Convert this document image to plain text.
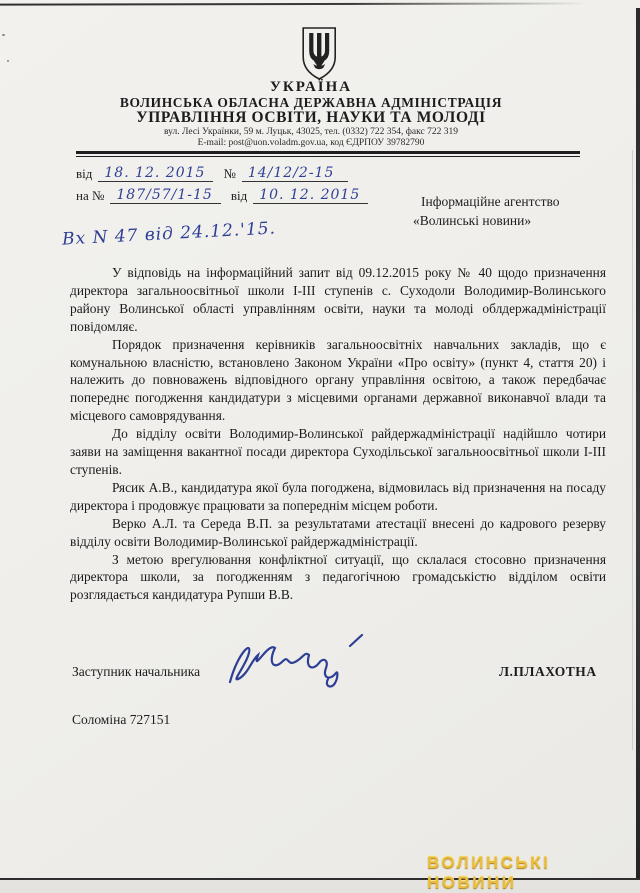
УКРАЇНА
ВОЛИНСЬКА ОБЛАСНА ДЕРЖАВНА АДМІНІСТРАЦІЯ
УПРАВЛІННЯ ОСВІТИ, НАУКИ ТА МОЛОДІ
вул. Лесі Українки, 59 м. Луцьк, 43025, тел. (0332) 722 354, факс 722 319
E-mail: post@uon.voladm.gov.ua, код ЄДРПОУ 39782790
від 18. 12. 2015	№ 14/12/2-15
на № 187/57/1-15	від 10. 12. 2015
Вх N 47 від 24.12.'15.
Інформаційне агентство
«Волинські новини»

У відповідь на інформаційний запит від 09.12.2015 року № 40 щодо призначення директора загальноосвітньої школи І-ІІІ ступенів с. Суходоли Володимир-Волинського району Волинської області управлінням освіти, науки та молоді облдержадміністрації повідомляє.

Порядок призначення керівників загальноосвітніх навчальних закладів, що є комунальною власністю, встановлено Законом України «Про освіту» (пункт 4, стаття 20) і належить до повноважень відповідного органу управління освітою, а також передбачає попереднє погодження кандидатури з місцевими органами державної виконавчої влади та місцевого самоврядування.

До відділу освіти Володимир-Волинської райдержадміністрації надійшло чотири заяви на заміщення вакантної посади директора Суходільської загальноосвітньої школи І-ІІІ ступенів.

Рясик А.В., кандидатура якої була погоджена, відмовилась від призначення на посаду директора і продовжує працювати за попереднім місцем роботи.

Верко А.Л. та Середа В.П. за результатами атестації внесені до кадрового резерву відділу освіти Володимир-Волинської райдержадміністрації.

З метою врегулювання конфліктної ситуації, що склалася стосовно призначення директора школи, за погодженням з педагогічною громадськістю відділом освіти розглядається кандидатура Рупши В.В.

Заступник начальника	Л.ПЛАХОТНА
Соломіна 727151
ВОЛИНСЬКІ НОВИНИ
